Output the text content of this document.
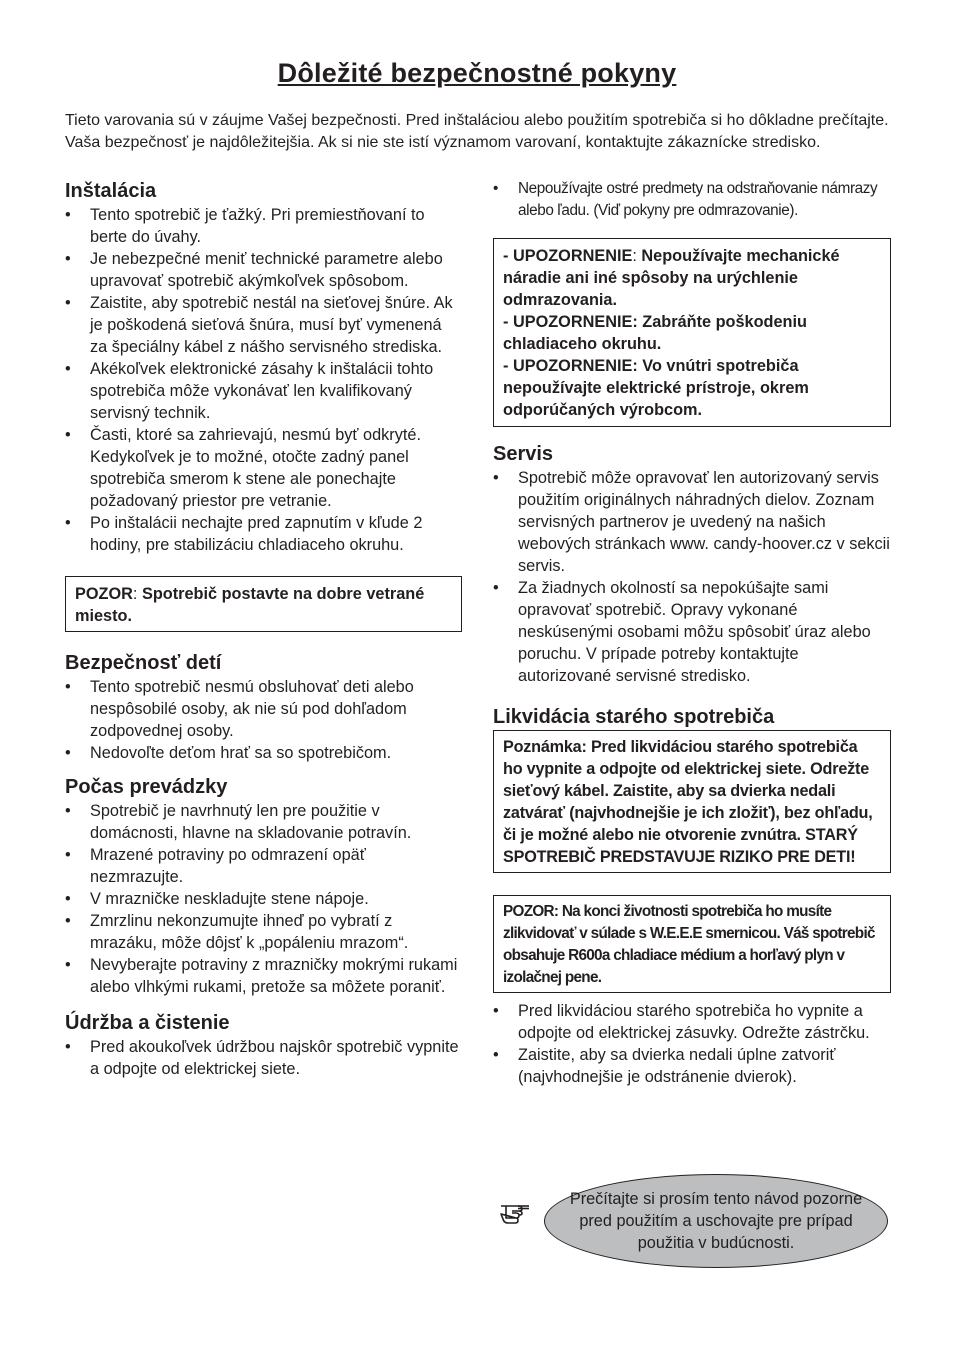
Dôležité bezpečnostné pokyny

Tieto varovania sú v záujme Vašej bezpečnosti. Pred inštaláciou alebo použitím spotrebiča si ho dôkladne prečítajte. Vaša bezpečnosť je najdôležitejšia. Ak si nie ste istí významom varovaní, kontaktujte zákaznícke stredisko.

Inštalácia
• Tento spotrebič je ťažký. Pri premiestňovaní to berte do úvahy.
• Je nebezpečné meniť technické parametre alebo upravovať spotrebič akýmkoľvek spôsobom.
• Zaistite, aby spotrebič nestál na sieťovej šnúre. Ak je poškodená sieťová šnúra, musí byť vymenená za špeciálny kábel z nášho servisného strediska.
• Akékoľvek elektronické zásahy k inštalácii tohto spotrebiča môže vykonávať len kvalifikovaný servisný technik.
• Časti, ktoré sa zahrievajú, nesmú byť odkryté. Kedykoľvek je to možné, otočte zadný panel spotrebiča smerom k stene ale ponechajte požadovaný priestor pre vetranie.
• Po inštalácii nechajte pred zapnutím v kľude 2 hodiny, pre stabilizáciu chladiaceho okruhu.
POZOR: Spotrebič postavte na dobre vetrané miesto.
Bezpečnosť detí
• Tento spotrebič nesmú obsluhovať deti alebo nespôsobilé osoby, ak nie sú pod dohľadom zodpovednej osoby.
• Nedovoľte deťom hrať sa so spotrebičom.
Počas prevádzky
• Spotrebič je navrhnutý len pre použitie v domácnosti, hlavne na skladovanie potravín.
• Mrazené potraviny po odmrazení opäť nezmrazujte.
• V mrazničke neskladujte stene nápoje.
• Zmrzlinu nekonzumujte ihneď po vybratí z mrazáku, môže dôjsť k „popáleniu mrazom“.
• Nevyberajte potraviny z mrazničky mokrými rukami alebo vlhkými rukami, pretože sa môžete poraniť.
Údržba a čistenie
• Pred akoukoľvek údržbou najskôr spotrebič vypnite a odpojte od elektrickej siete.
• Nepoužívajte ostré predmety na odstraňovanie námrazy alebo ľadu. (Viď pokyny pre odmrazovanie).
- UPOZORNENIE: Nepoužívajte mechanické náradie ani iné spôsoby na urýchlenie odmrazovania.
- UPOZORNENIE: Zabráňte poškodeniu chladiaceho okruhu.
- UPOZORNENIE: Vo vnútri spotrebiča nepoužívajte elektrické prístroje, okrem odporúčaných výrobcom.
Servis
• Spotrebič môže opravovať len autorizovaný servis použitím originálnych náhradných dielov. Zoznam servisných partnerov je uvedený na našich webových stránkach www. candy-hoover.cz v sekcii servis.
• Za žiadnych okolností sa nepokúšajte sami opravovať spotrebič. Opravy vykonané neskúsenými osobami môžu spôsobiť úraz alebo poruchu. V prípade potreby kontaktujte autorizované servisné stredisko.
Likvidácia starého spotrebiča
Poznámka: Pred likvidáciou starého spotrebiča ho vypnite a odpojte od elektrickej siete. Odrežte sieťový kábel. Zaistite, aby sa dvierka nedali zatvárať (najvhodnejšie je ich zložiť), bez ohľadu, či je možné alebo nie otvorenie zvnútra. STARÝ SPOTREBIČ PREDSTAVUJE RIZIKO PRE DETI!
POZOR: Na konci životnosti spotrebiča ho musíte zlikvidovať v súlade s W.E.E.E smernicou. Váš spotrebič obsahuje R600a chladiace médium a horľavý plyn v izolačnej pene.
• Pred likvidáciou starého spotrebiča ho vypnite a odpojte od elektrickej zásuvky. Odrežte zástrčku.
• Zaistite, aby sa dvierka nedali úplne zatvoriť (najvhodnejšie je odstránenie dvierok).
Prečítajte si prosím tento návod pozorne pred použitím a uschovajte pre prípad použitia v budúcnosti.
